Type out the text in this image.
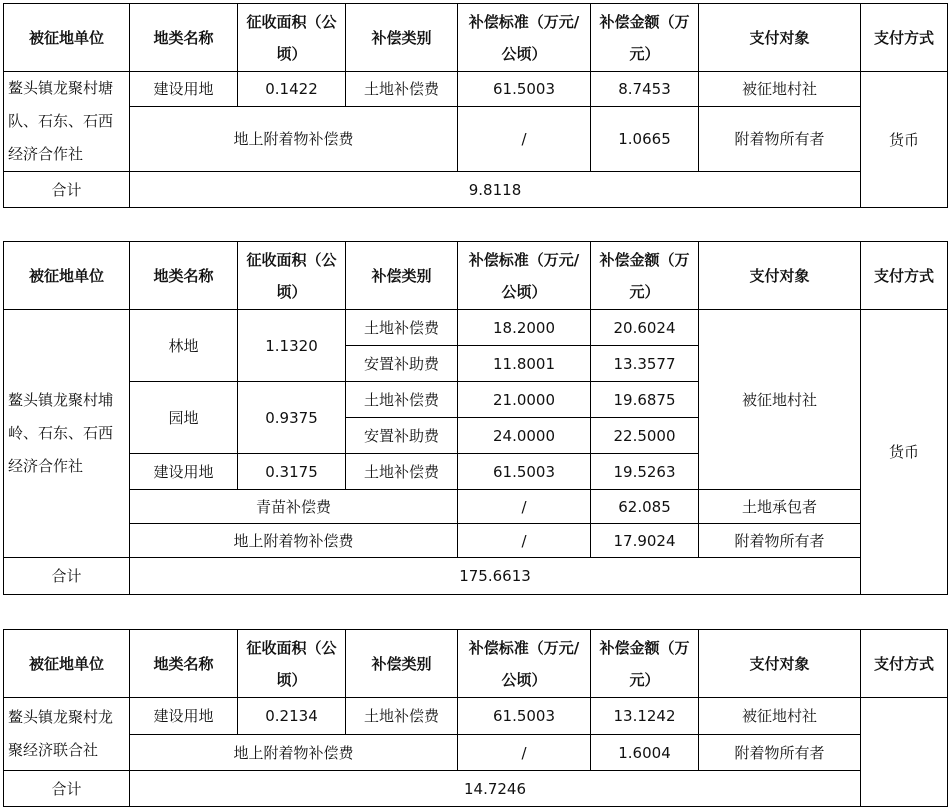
被征地单位	地类名称	征收面积（公顷）	补偿类别	补偿标准（万元/公顷）	补偿金额（万元）	支付对象	支付方式
鳌头镇龙聚村塘队、石东、石西经济合作社	建设用地	0.1422	土地补偿费	61.5003	8.7453	被征地村社	货币
	地上附着物补偿费			/	1.0665	附着物所有者	
合计	9.8118						
被征地单位	地类名称	征收面积（公顷）	补偿类别	补偿标准（万元/公顷）	补偿金额（万元）	支付对象	支付方式
鳌头镇龙聚村埔岭、石东、石西经济合作社	林地	1.1320	土地补偿费	18.2000	20.6024	被征地村社	货币
			安置补助费	11.8001	13.3577		
	园地	0.9375	土地补偿费	21.0000	19.6875		
			安置补助费	24.0000	22.5000		
	建设用地	0.3175	土地补偿费	61.5003	19.5263		
	青苗补偿费			/	62.085	土地承包者	
	地上附着物补偿费			/	17.9024	附着物所有者	
合计	175.6613						
被征地单位	地类名称	征收面积（公顷）	补偿类别	补偿标准（万元/公顷）	补偿金额（万元）	支付对象	支付方式
鳌头镇龙聚村龙聚经济联合社	建设用地	0.2134	土地补偿费	61.5003	13.1242	被征地村社	
	地上附着物补偿费			/	1.6004	附着物所有者	
合计	14.7246						
